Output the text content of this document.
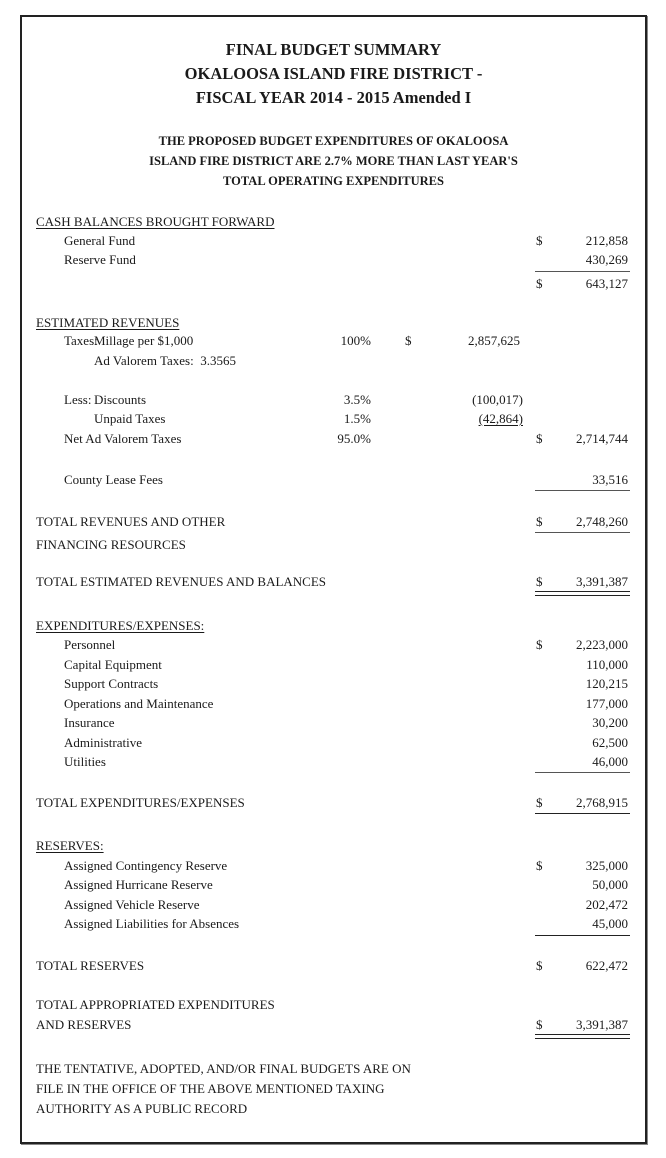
FINAL BUDGET SUMMARY
OKALOOSA ISLAND FIRE DISTRICT -
FISCAL YEAR 2014 - 2015 Amended I
THE PROPOSED BUDGET EXPENDITURES OF OKALOOSA
ISLAND FIRE DISTRICT ARE 2.7% MORE THAN LAST YEAR'S
TOTAL OPERATING EXPENDITURES
CASH BALANCES BROUGHT FORWARD
General Fund	$	212,858
Reserve Fund	430,269
$	643,127
ESTIMATED REVENUES
Taxes:
Millage per $1,000	100%	$	2,857,625
Ad Valorem Taxes: 3.3565
Less: Discounts	3.5%	(100,017)
Unpaid Taxes	1.5%	(42,864)
Net Ad Valorem Taxes	95.0%	$	2,714,744
County Lease Fees	33,516
TOTAL REVENUES AND OTHER
FINANCING RESOURCES
$	2,748,260
TOTAL ESTIMATED REVENUES AND BALANCES	$	3,391,387
EXPENDITURES/EXPENSES:
Personnel	$	2,223,000
Capital Equipment	110,000
Support Contracts	120,215
Operations and Maintenance	177,000
Insurance	30,200
Administrative	62,500
Utilities	46,000
TOTAL EXPENDITURES/EXPENSES	$	2,768,915
RESERVES:
Assigned Contingency Reserve	$	325,000
Assigned Hurricane Reserve	50,000
Assigned Vehicle Reserve	202,472
Assigned Liabilities for Absences	45,000
TOTAL RESERVES	$	622,472
TOTAL APPROPRIATED EXPENDITURES
AND RESERVES	$	3,391,387
THE TENTATIVE, ADOPTED, AND/OR FINAL BUDGETS ARE ON
FILE IN THE OFFICE OF THE ABOVE MENTIONED TAXING
AUTHORITY AS A PUBLIC RECORD
